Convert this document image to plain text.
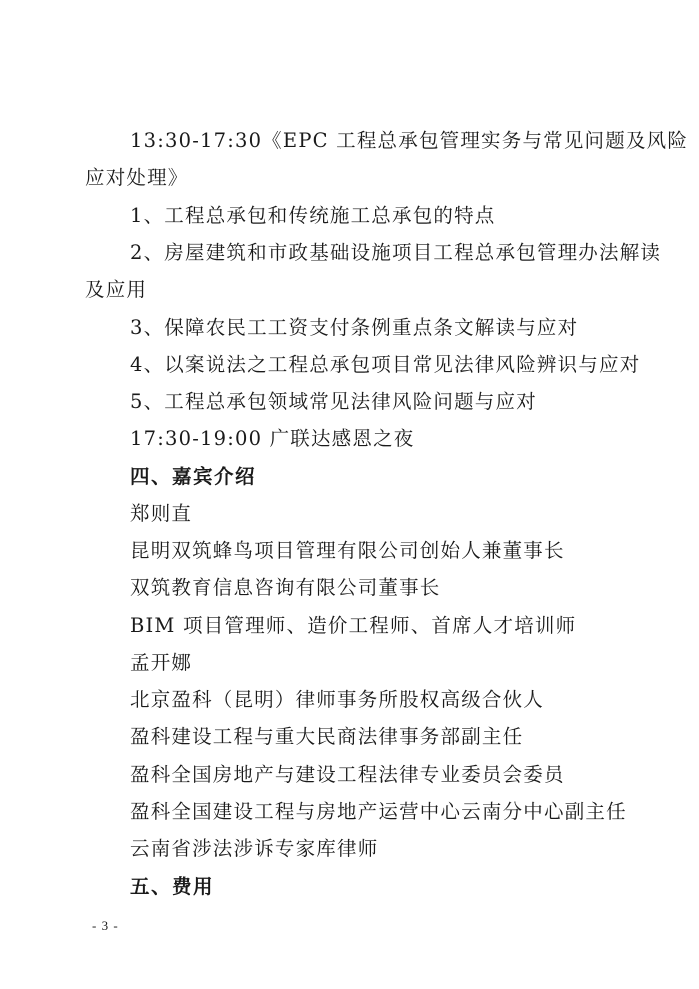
13:30-17:30《EPC 工程总承包管理实务与常见问题及风险
应对处理》
1、工程总承包和传统施工总承包的特点
2、房屋建筑和市政基础设施项目工程总承包管理办法解读
及应用
3、保障农民工工资支付条例重点条文解读与应对
4、以案说法之工程总承包项目常见法律风险辨识与应对
5、工程总承包领域常见法律风险问题与应对
17:30-19:00 广联达感恩之夜
四、嘉宾介绍
郑则直
昆明双筑蜂鸟项目管理有限公司创始人兼董事长
双筑教育信息咨询有限公司董事长
BIM 项目管理师、造价工程师、首席人才培训师
孟开娜
北京盈科（昆明）律师事务所股权高级合伙人
盈科建设工程与重大民商法律事务部副主任
盈科全国房地产与建设工程法律专业委员会委员
盈科全国建设工程与房地产运营中心云南分中心副主任
云南省涉法涉诉专家库律师
五、费用
- 3 -
